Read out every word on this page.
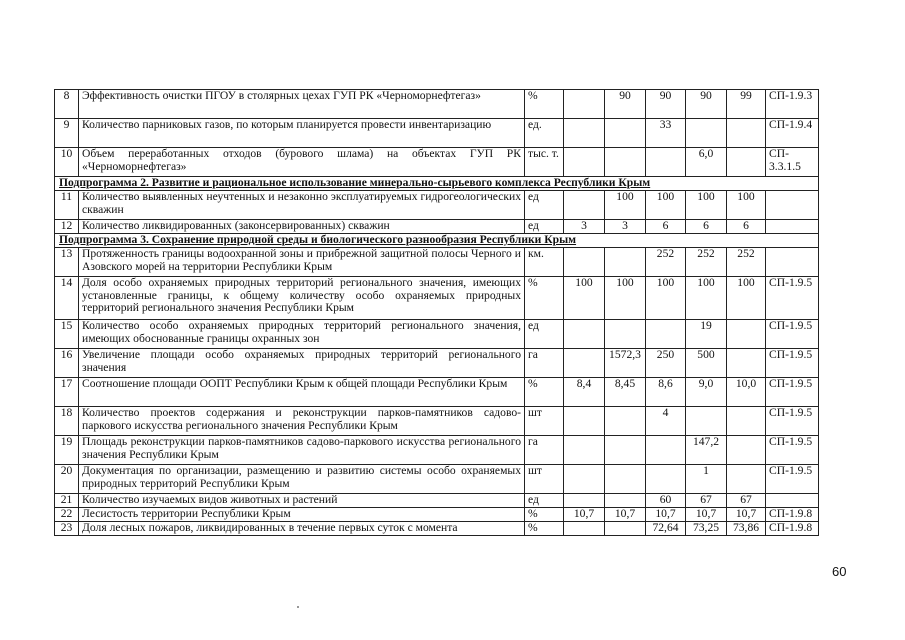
8	Эффективность очистки ПГОУ в столярных цехах ГУП РК «Черноморнефтегаз»	%		90	90	90	99	СП-1.9.3
9	Количество парниковых газов, по которым планируется провести инвентаризацию	ед.			33			СП-1.9.4
10	Объем переработанных отходов (бурового шлама) на объектах ГУП РК «Черноморнефтегаз»	тыс. т.				6,0		СП- 3.3.1.5
Подпрограмма 2. Развитие и рациональное использование минерально-сырьевого комплекса Республики Крым								
11	Количество выявленных неучтенных и незаконно эксплуатируемых гидрогеологических скважин	ед		100	100	100	100	
12	Количество ликвидированных (законсервированных) скважин	ед	3	3	6	6	6	
Подпрограмма 3. Сохранение природной среды и биологического разнообразия Республики Крым								
13	Протяженность границы водоохранной зоны и прибрежной защитной полосы Черного и Азовского морей на территории Республики Крым	км.			252	252	252	
14	Доля особо охраняемых природных территорий регионального значения, имеющих установленные границы, к общему количеству особо охраняемых природных территорий регионального значения Республики Крым	%	100	100	100	100	100	СП-1.9.5
15	Количество особо охраняемых природных территорий регионального значения, имеющих обоснованные границы охранных зон	ед				19		СП-1.9.5
16	Увеличение площади особо охраняемых природных территорий регионального значения	га		1572,3	250	500		СП-1.9.5
17	Соотношение площади ООПТ Республики Крым к общей площади Республики Крым	%	8,4	8,45	8,6	9,0	10,0	СП-1.9.5
18	Количество проектов содержания и реконструкции парков-памятников садово-паркового искусства регионального значения Республики Крым	шт			4			СП-1.9.5
19	Площадь реконструкции парков-памятников садово-паркового искусства регионального значения Республики Крым	га				147,2		СП-1.9.5
20	Документация по организации, размещению и развитию системы особо охраняемых природных территорий Республики Крым	шт				1		СП-1.9.5
21	Количество изучаемых видов животных и растений	ед			60	67	67	
22	Лесистость территории Республики Крым	%	10,7	10,7	10,7	10,7	10,7	СП-1.9.8
23	Доля лесных пожаров, ликвидированных в течение первых суток с момента	%			72,64	73,25	73,86	СП-1.9.8
60
